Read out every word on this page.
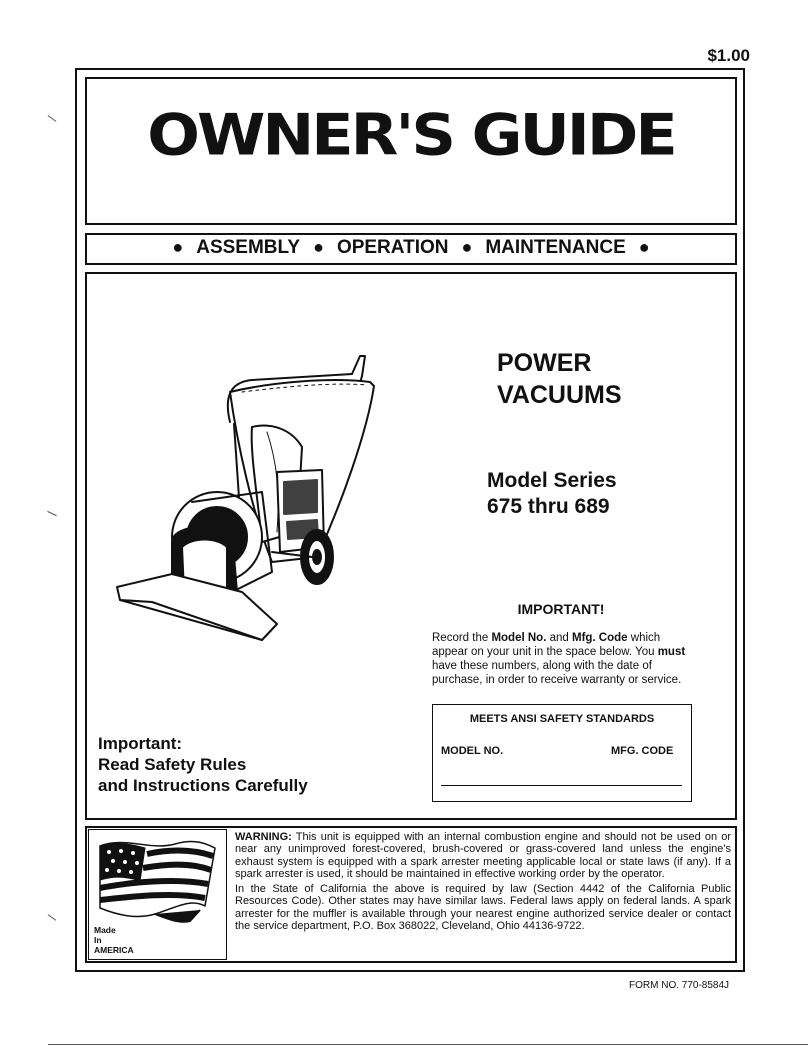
$1.00
OWNER'S GUIDE
● ASSEMBLY ● OPERATION ● MAINTENANCE ●
POWER
VACUUMS
Model Series
675 thru 689
IMPORTANT!
Record the Model No. and Mfg. Code which appear on your unit in the space below. You must have these numbers, along with the date of purchase, in order to receive warranty or service.
MEETS ANSI SAFETY STANDARDS
MODEL NO.	MFG. CODE
Important:
Read Safety Rules
and Instructions Carefully
Made
In
AMERICA

WARNING: This unit is equipped with an internal combustion engine and should not be used on or near any unimproved forest-covered, brush-covered or grass-covered land unless the engine's exhaust system is equipped with a spark arrester meeting applicable local or state laws (if any). If a spark arrester is used, it should be maintained in effective working order by the operator.

In the State of California the above is required by law (Section 4442 of the California Public Resources Code). Other states may have similar laws. Federal laws apply on federal lands. A spark arrester for the muffler is available through your nearest engine authorized service dealer or contact the service department, P.O. Box 368022, Cleveland, Ohio 44136-9722.

FORM NO. 770-8584J
